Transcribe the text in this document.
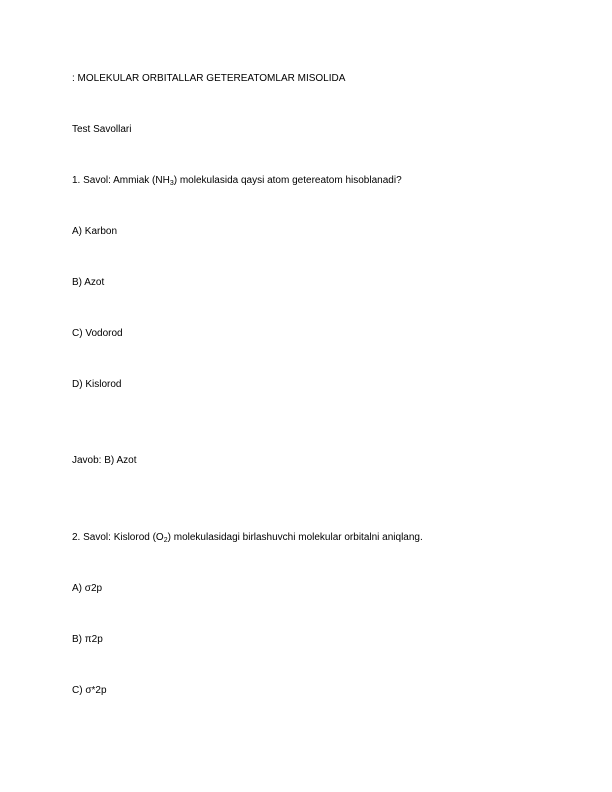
: MOLEKULAR ORBITALLAR GETEREATOMLAR MISOLIDA
Test Savollari
1. Savol: Ammiak $(NH_3)$ molekulasida qaysi atom getereatom hisoblanadi?
A) Karbon
B) Azot
C) Vodorod
D) Kislorod
Javob: B) Azot
2. Savol: Kislorod $(O_2)$ molekulasidagi birlashuvchi molekular orbitalni aniqlang.
A) σ2p
B) π2p
C) σ*2p
